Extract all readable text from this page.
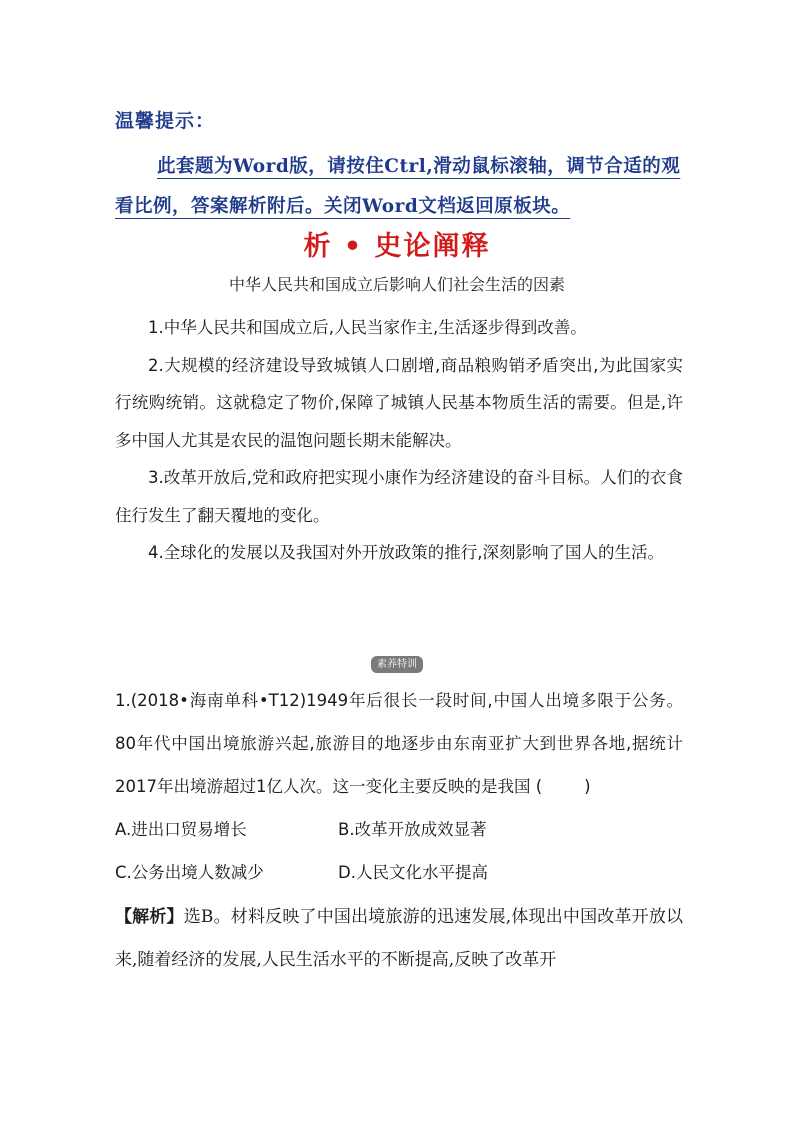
温馨提示：
此套题为Word版，请按住Ctrl,滑动鼠标滚轴，调节合适的观看比例，答案解析附后。关闭Word文档返回原板块。
析 • 史论阐释
中华人民共和国成立后影响人们社会生活的因素

1.中华人民共和国成立后,人民当家作主,生活逐步得到改善。

2.大规模的经济建设导致城镇人口剧增,商品粮购销矛盾突出,为此国家实行统购统销。这就稳定了物价,保障了城镇人民基本物质生活的需要。但是,许多中国人尤其是农民的温饱问题长期未能解决。

3.改革开放后,党和政府把实现小康作为经济建设的奋斗目标。人们的衣食住行发生了翻天覆地的变化。

4.全球化的发展以及我国对外开放政策的推行,深刻影响了国人的生活。

素养特训

1.(2018•海南单科•T12)1949年后很长一段时间,中国人出境多限于公务。80年代中国出境旅游兴起,旅游目的地逐步由东南亚扩大到世界各地,据统计2017年出境游超过1亿人次。这一变化主要反映的是我国 (	)

A.进出口贸易增长	B.改革开放成效显著
C.公务出境人数减少	D.人民文化水平提高

【解析】选B。材料反映了中国出境旅游的迅速发展,体现出中国改革开放以来,随着经济的发展,人民生活水平的不断提高,反映了改革开
